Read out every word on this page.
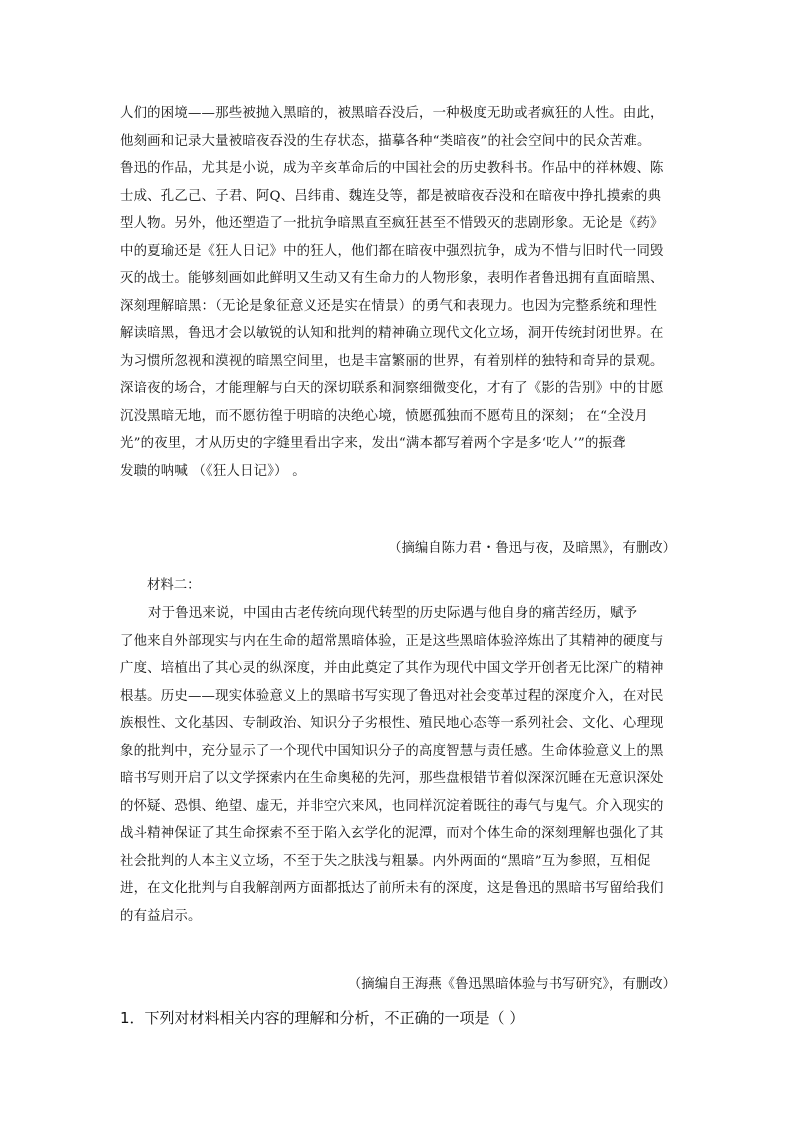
人们的困境——那些被抛入黑暗的，被黑暗吞没后，一种极度无助或者疯狂的人性。由此，
他刻画和记录大量被暗夜吞没的生存状态，描摹各种“类暗夜”的社会空间中的民众苦难。
鲁迅的作品，尤其是小说，成为辛亥革命后的中国社会的历史教科书。作品中的祥林嫂、陈
士成、孔乙己、子君、阿Q、吕纬甫、魏连殳等，都是被暗夜吞没和在暗夜中挣扎摸索的典
型人物。另外，他还塑造了一批抗争暗黑直至疯狂甚至不惜毁灭的悲剧形象。无论是《药》
中的夏瑜还是《狂人日记》中的狂人，他们都在暗夜中强烈抗争，成为不惜与旧时代一同毁
灭的战士。能够刻画如此鲜明又生动又有生命力的人物形象，表明作者鲁迅拥有直面暗黑、
深刻理解暗黑：（无论是象征意义还是实在情景）的勇气和表现力。也因为完整系统和理性
解读暗黑，鲁迅才会以敏锐的认知和批判的精神确立现代文化立场，洞开传统封闭世界。在
为习惯所忽视和漠视的暗黑空间里，也是丰富繁丽的世界，有着别样的独特和奇异的景观。
深谙夜的场合，才能理解与白天的深切联系和洞察细微变化，才有了《影的告别》中的甘愿
沉没黑暗无地，而不愿彷徨于明暗的决绝心境，愤愿孤独而不愿苟且的深刻； 在“全没月
光”的夜里，才从历史的字缝里看出字来，发出“满本都写着两个字是多‘吃人’”的振聋
发聩的呐喊 （《狂人日记》） 。
（摘编自陈力君・鲁迅与夜，及暗黑》，有删改）
材料二：
对于鲁迅来说，中国由古老传统向现代转型的历史际遇与他自身的痛苦经历，赋予
了他来自外部现实与内在生命的超常黑暗体验，正是这些黑暗体验淬炼出了其精神的硬度与
广度、培植出了其心灵的纵深度，并由此奠定了其作为现代中国文学开创者无比深广的精神
根基。历史——现实体验意义上的黑暗书写实现了鲁迅对社会变革过程的深度介入，在对民
族根性、文化基因、专制政治、知识分子劣根性、殖民地心态等一系列社会、文化、心理现
象的批判中，充分显示了一个现代中国知识分子的高度智慧与责任感。生命体验意义上的黑
暗书写则开启了以文学探索内在生命奥秘的先河，那些盘根错节着似深深沉睡在无意识深处
的怀疑、恐惧、绝望、虚无，并非空穴来风，也同样沉淀着既往的毒气与鬼气。介入现实的
战斗精神保证了其生命探索不至于陷入玄学化的泥潭，而对个体生命的深刻理解也强化了其
社会批判的人本主义立场，不至于失之肤浅与粗暴。内外两面的“黑暗”互为参照，互相促
进，在文化批判与自我解剖两方面都抵达了前所未有的深度，这是鲁迅的黑暗书写留给我们
的有益启示。
（摘编自王海燕《鲁迅黑暗体验与书写研究》，有删改）
1．下列对材料相关内容的理解和分析，不正确的一项是（ ）
